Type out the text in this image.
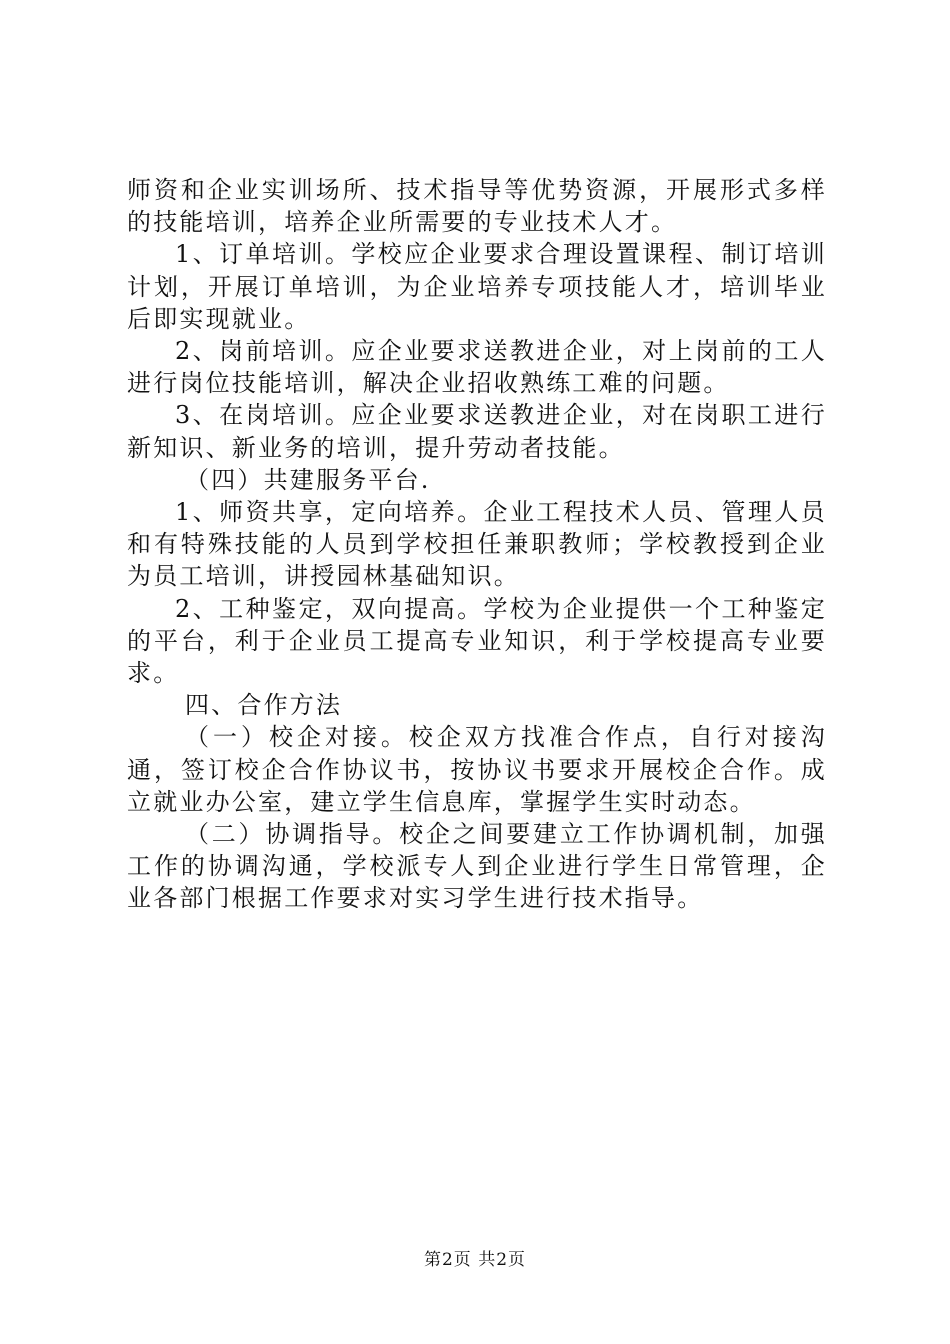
师资和企业实训场所、技术指导等优势资源，开展形式多样的技能培训，培养企业所需要的专业技术人才。

1、订单培训。学校应企业要求合理设置课程、制订培训计划，开展订单培训，为企业培养专项技能人才，培训毕业后即实现就业。

2、岗前培训。应企业要求送教进企业，对上岗前的工人进行岗位技能培训，解决企业招收熟练工难的问题。

3、在岗培训。应企业要求送教进企业，对在岗职工进行新知识、新业务的培训，提升劳动者技能。

（四）共建服务平台.

1、师资共享，定向培养。企业工程技术人员、管理人员和有特殊技能的人员到学校担任兼职教师；学校教授到企业为员工培训，讲授园林基础知识。

2、工种鉴定，双向提高。学校为企业提供一个工种鉴定的平台，利于企业员工提高专业知识，利于学校提高专业要求。

四、合作方法

（一）校企对接。校企双方找准合作点，自行对接沟通，签订校企合作协议书，按协议书要求开展校企合作。成立就业办公室，建立学生信息库，掌握学生实时动态。

（二）协调指导。校企之间要建立工作协调机制，加强工作的协调沟通，学校派专人到企业进行学生日常管理，企业各部门根据工作要求对实习学生进行技术指导。

第2页 共2页
